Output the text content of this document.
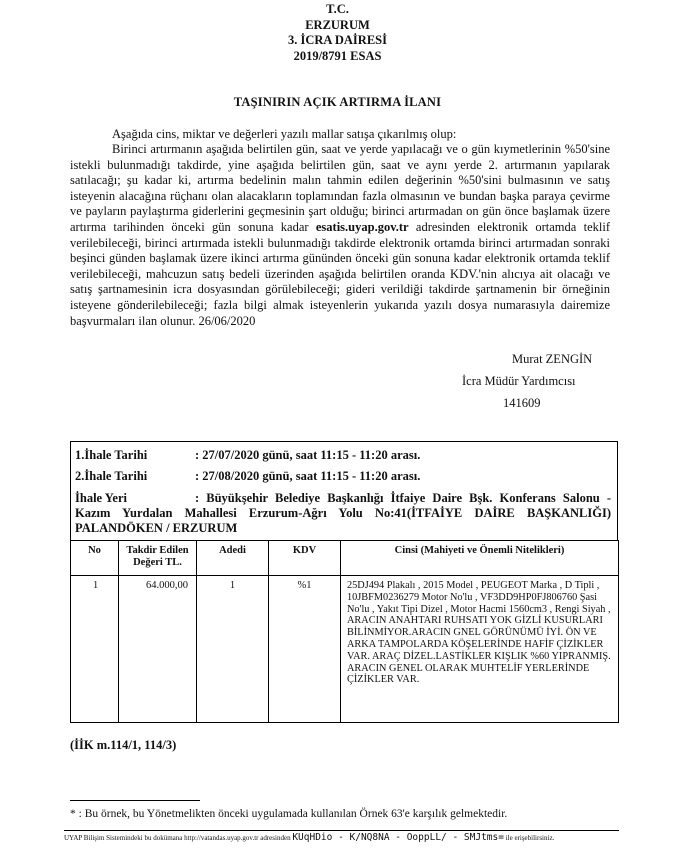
T.C.
ERZURUM
3. İCRA DAİRESİ
2019/8791 ESAS
TAŞINIRIN AÇIK ARTIRMA İLANI
Aşağıda cins, miktar ve değerleri yazılı mallar satışa çıkarılmış olup:
Birinci artırmanın aşağıda belirtilen gün, saat ve yerde yapılacağı ve o gün kıymetlerinin %50'sine istekli bulunmadığı takdirde, yine aşağıda belirtilen gün, saat ve aynı yerde 2. artırmanın yapılarak satılacağı; şu kadar ki, artırma bedelinin malın tahmin edilen değerinin %50'sini bulmasının ve satış isteyenin alacağına rüçhanı olan alacakların toplamından fazla olmasının ve bundan başka paraya çevirme ve payların paylaştırma giderlerini geçmesinin şart olduğu; birinci artırmadan on gün önce başlamak üzere artırma tarihinden önceki gün sonuna kadar esatis.uyap.gov.tr adresinden elektronik ortamda teklif verilebileceği, birinci artırmada istekli bulunmadığı takdirde elektronik ortamda birinci artırmadan sonraki beşinci günden başlamak üzere ikinci artırma gününden önceki gün sonuna kadar elektronik ortamda teklif verilebileceği, mahcuzun satış bedeli üzerinden aşağıda belirtilen oranda KDV.'nin alıcıya ait olacağı ve satış şartnamesinin icra dosyasından görülebileceği; gideri verildiği takdirde şartnamenin bir örneğinin isteyene gönderilebileceği; fazla bilgi almak isteyenlerin yukarıda yazılı dosya numarasıyla dairemize başvurmaları ilan olunur. 26/06/2020
Murat ZENGİN
İcra Müdür Yardımcısı
141609
1.İhale Tarihi	: 27/07/2020 günü, saat 11:15 - 11:20 arası.
2.İhale Tarihi	: 27/08/2020 günü, saat 11:15 - 11:20 arası.
İhale Yeri	: Büyükşehir Belediye Başkanlığı İtfaiye Daire Bşk. Konferans Salonu - Kazım Yurdalan Mahallesi Erzurum-Ağrı Yolu No:41(İTFAİYE DAİRE BAŞKANLIĞI) PALANDÖKEN / ERZURUM
No	Takdir Edilen Değeri TL.	Adedi	KDV	Cinsi (Mahiyeti ve Önemli Nitelikleri)
1	64.000,00	1	%1	25DJ494 Plakalı , 2015 Model , PEUGEOT Marka , D Tipli , 10JBFM0236279 Motor No'lu , VF3DD9HP0FJ806760 Şasi No'lu , Yakıt Tipi Dizel , Motor Hacmi 1560cm3 , Rengi Siyah , ARACIN ANAHTARI RUHSATI YOK GİZLİ KUSURLARI BİLİNMİYOR.ARACIN GNEL GÖRÜNÜMÜ İYİ. ÖN VE ARKA TAMPOLARDA KÖŞELERİNDE HAFİF ÇİZİKLER VAR. ARAÇ DİZEL.LASTİKLER KIŞLIK %60 YIPRANMIŞ. ARACIN GENEL OLARAK MUHTELİF YERLERİNDE ÇİZİKLER VAR.
(İİK m.114/1, 114/3)
* : Bu örnek, bu Yönetmelikten önceki uygulamada kullanılan Örnek 63'e karşılık gelmektedir.
UYAP Bilişim Sistemindeki bu dokümana http://vatandas.uyap.gov.tr adresinden KUqHDio - K/NQ8NA - OoppLL/ - SMJtms= ile erişebilirsiniz.
